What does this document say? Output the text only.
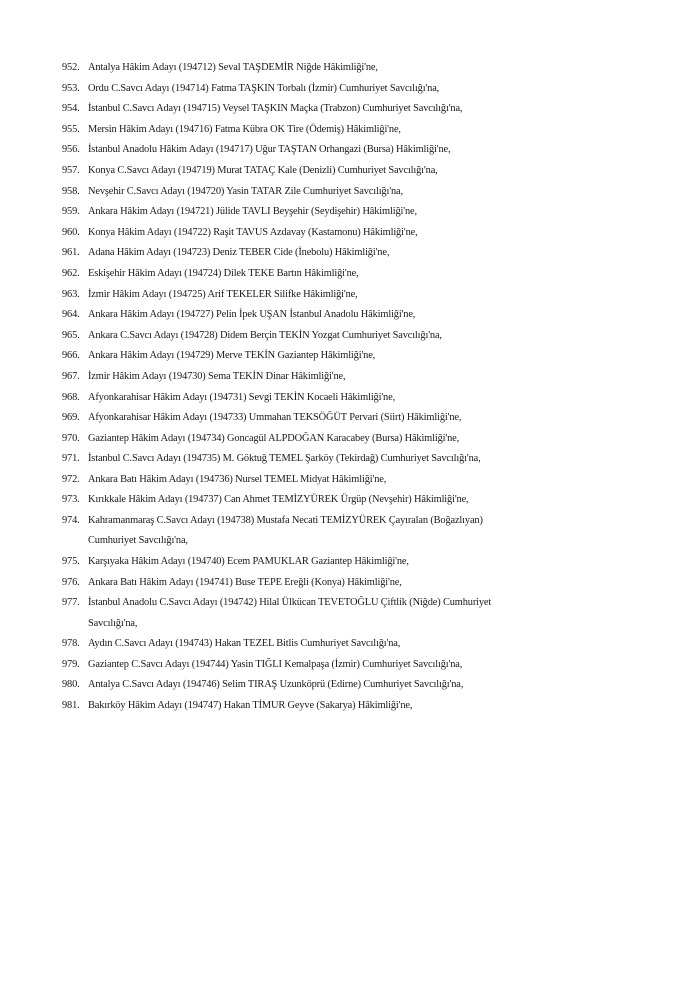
952. Antalya Hâkim Adayı (194712) Seval TAŞDEMİR Niğde Hâkimliği'ne,
953. Ordu C.Savcı Adayı (194714) Fatma TAŞKIN Torbalı (İzmir) Cumhuriyet Savcılığı'na,
954. İstanbul C.Savcı Adayı (194715) Veysel TAŞKIN Maçka (Trabzon) Cumhuriyet Savcılığı'na,
955. Mersin Hâkim Adayı (194716) Fatma Kübra OK Tire (Ödemiş) Hâkimliği'ne,
956. İstanbul Anadolu Hâkim Adayı (194717) Uğur TAŞTAN Orhangazi (Bursa) Hâkimliği'ne,
957. Konya C.Savcı Adayı (194719) Murat TATAÇ Kale (Denizli) Cumhuriyet Savcılığı'na,
958. Nevşehir C.Savcı Adayı (194720) Yasin TATAR Zile Cumhuriyet Savcılığı'na,
959. Ankara Hâkim Adayı (194721) Jülide TAVLI Beyşehir (Seydişehir) Hâkimliği'ne,
960. Konya Hâkim Adayı (194722) Raşit TAVUS Azdavay (Kastamonu) Hâkimliği'ne,
961. Adana Hâkim Adayı (194723) Deniz TEBER Cide (İnebolu) Hâkimliği'ne,
962. Eskişehir Hâkim Adayı (194724) Dilek TEKE Bartın Hâkimliği'ne,
963. İzmir Hâkim Adayı (194725) Arif TEKELER Silifke Hâkimliği'ne,
964. Ankara Hâkim Adayı (194727) Pelin İpek UŞAN İstanbul Anadolu Hâkimliği'ne,
965. Ankara C.Savcı Adayı (194728) Didem Berçin TEKİN Yozgat Cumhuriyet Savcılığı'na,
966. Ankara Hâkim Adayı (194729) Merve TEKİN Gaziantep Hâkimliği'ne,
967. İzmir Hâkim Adayı (194730) Sema TEKİN Dinar Hâkimliği'ne,
968. Afyonkarahisar Hâkim Adayı (194731) Sevgi TEKİN Kocaeli Hâkimliği'ne,
969. Afyonkarahisar Hâkim Adayı (194733) Ummahan TEKSÖĞÜT Pervari (Siirt) Hâkimliği'ne,
970. Gaziantep Hâkim Adayı (194734) Goncagül ALPDOĞAN Karacabey (Bursa) Hâkimliği'ne,
971. İstanbul C.Savcı Adayı (194735) M. Göktuğ TEMEL Şarköy (Tekirdağ) Cumhuriyet Savcılığı'na,
972. Ankara Batı Hâkim Adayı (194736) Nursel TEMEL Midyat Hâkimliği'ne,
973. Kırıkkale Hâkim Adayı (194737) Can Ahmet TEMİZYÜREK Ürgüp (Nevşehir) Hâkimliği'ne,
974. Kahramanmaraş C.Savcı Adayı (194738) Mustafa Necati TEMİZYÜREK Çayıralan (Boğazlıyan)
Cumhuriyet Savcılığı'na,
975. Karşıyaka Hâkim Adayı (194740) Ecem PAMUKLAR Gaziantep Hâkimliği'ne,
976. Ankara Batı Hâkim Adayı (194741) Buse TEPE Ereğli (Konya) Hâkimliği'ne,
977. İstanbul Anadolu C.Savcı Adayı (194742) Hilal Ülkücan TEVETOĞLU Çiftlik (Niğde) Cumhuriyet
Savcılığı'na,
978. Aydın C.Savcı Adayı (194743) Hakan TEZEL Bitlis Cumhuriyet Savcılığı'na,
979. Gaziantep C.Savcı Adayı (194744) Yasin TIĞLI Kemalpaşa (İzmir) Cumhuriyet Savcılığı'na,
980. Antalya C.Savcı Adayı (194746) Selim TIRAŞ Uzunköprü (Edirne) Cumhuriyet Savcılığı'na,
981. Bakırköy Hâkim Adayı (194747) Hakan TİMUR Geyve (Sakarya) Hâkimliği'ne,
